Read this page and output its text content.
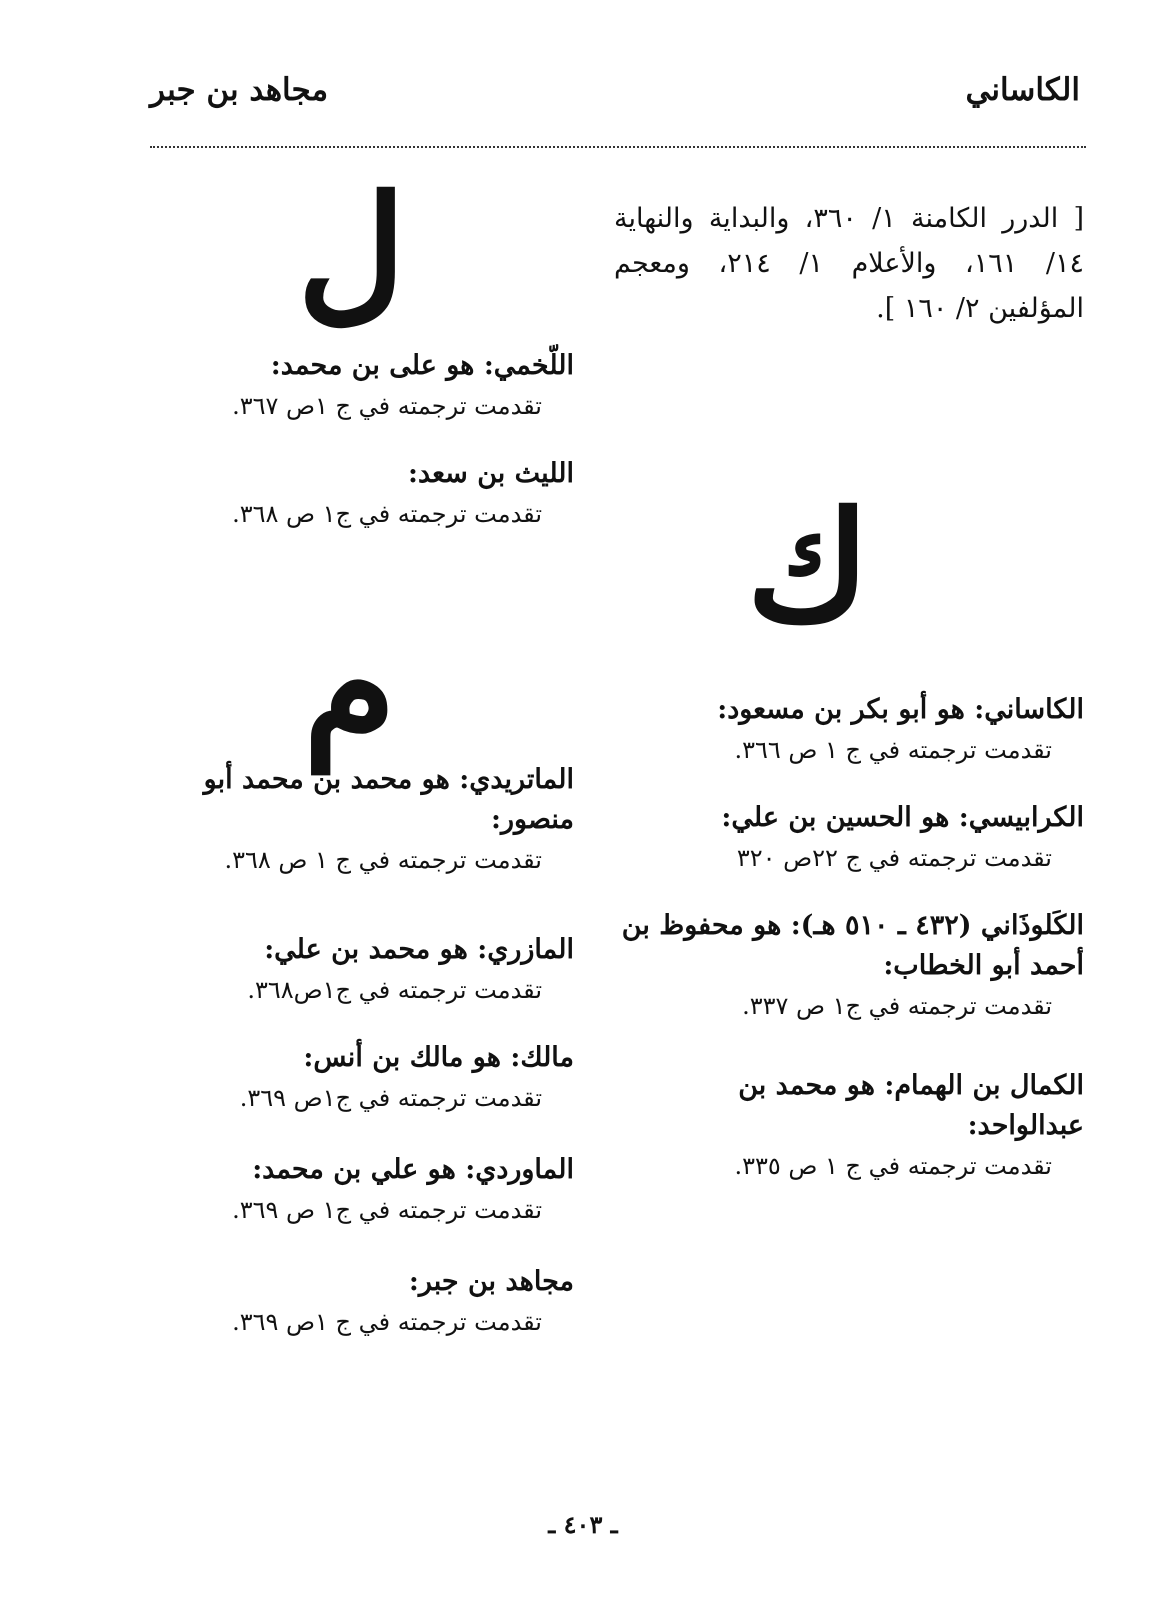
الكاساني
مجاهد بن جبر
[ الدرر الكامنة ١/ ٣٦٠، والبداية والنهاية ١٤/ ١٦١، والأعلام ١/ ٢١٤، ومعجم المؤلفين ٢/ ١٦٠ ].
ك
الكاساني: هو أبو بكر بن مسعود:
تقدمت ترجمته في ج ١ ص ٣٦٦.
الكرابيسي: هو الحسين بن علي:
تقدمت ترجمته في ج ٢٢ص ٣٢٠
الكَلوذَاني (٤٣٢ ـ ٥١٠ هـ): هو محفوظ بن أحمد أبو الخطاب:
تقدمت ترجمته في ج١ ص ٣٣٧.
الكمال بن الهمام: هو محمد بن عبدالواحد:
تقدمت ترجمته في ج ١ ص ٣٣٥.
ل
اللّخمي: هو على بن محمد:
تقدمت ترجمته في ج ١ص ٣٦٧.
الليث بن سعد:
تقدمت ترجمته في ج١ ص ٣٦٨.
م
الماتريدي: هو محمد بن محمد أبو منصور:
تقدمت ترجمته في ج ١ ص ٣٦٨.
المازري: هو محمد بن علي:
تقدمت ترجمته في ج١ص٣٦٨.
مالك: هو مالك بن أنس:
تقدمت ترجمته في ج١ص ٣٦٩.
الماوردي: هو علي بن محمد:
تقدمت ترجمته في ج١ ص ٣٦٩.
مجاهد بن جبر:
تقدمت ترجمته في ج ١ص ٣٦٩.
ـ ٤٠٣ ـ
